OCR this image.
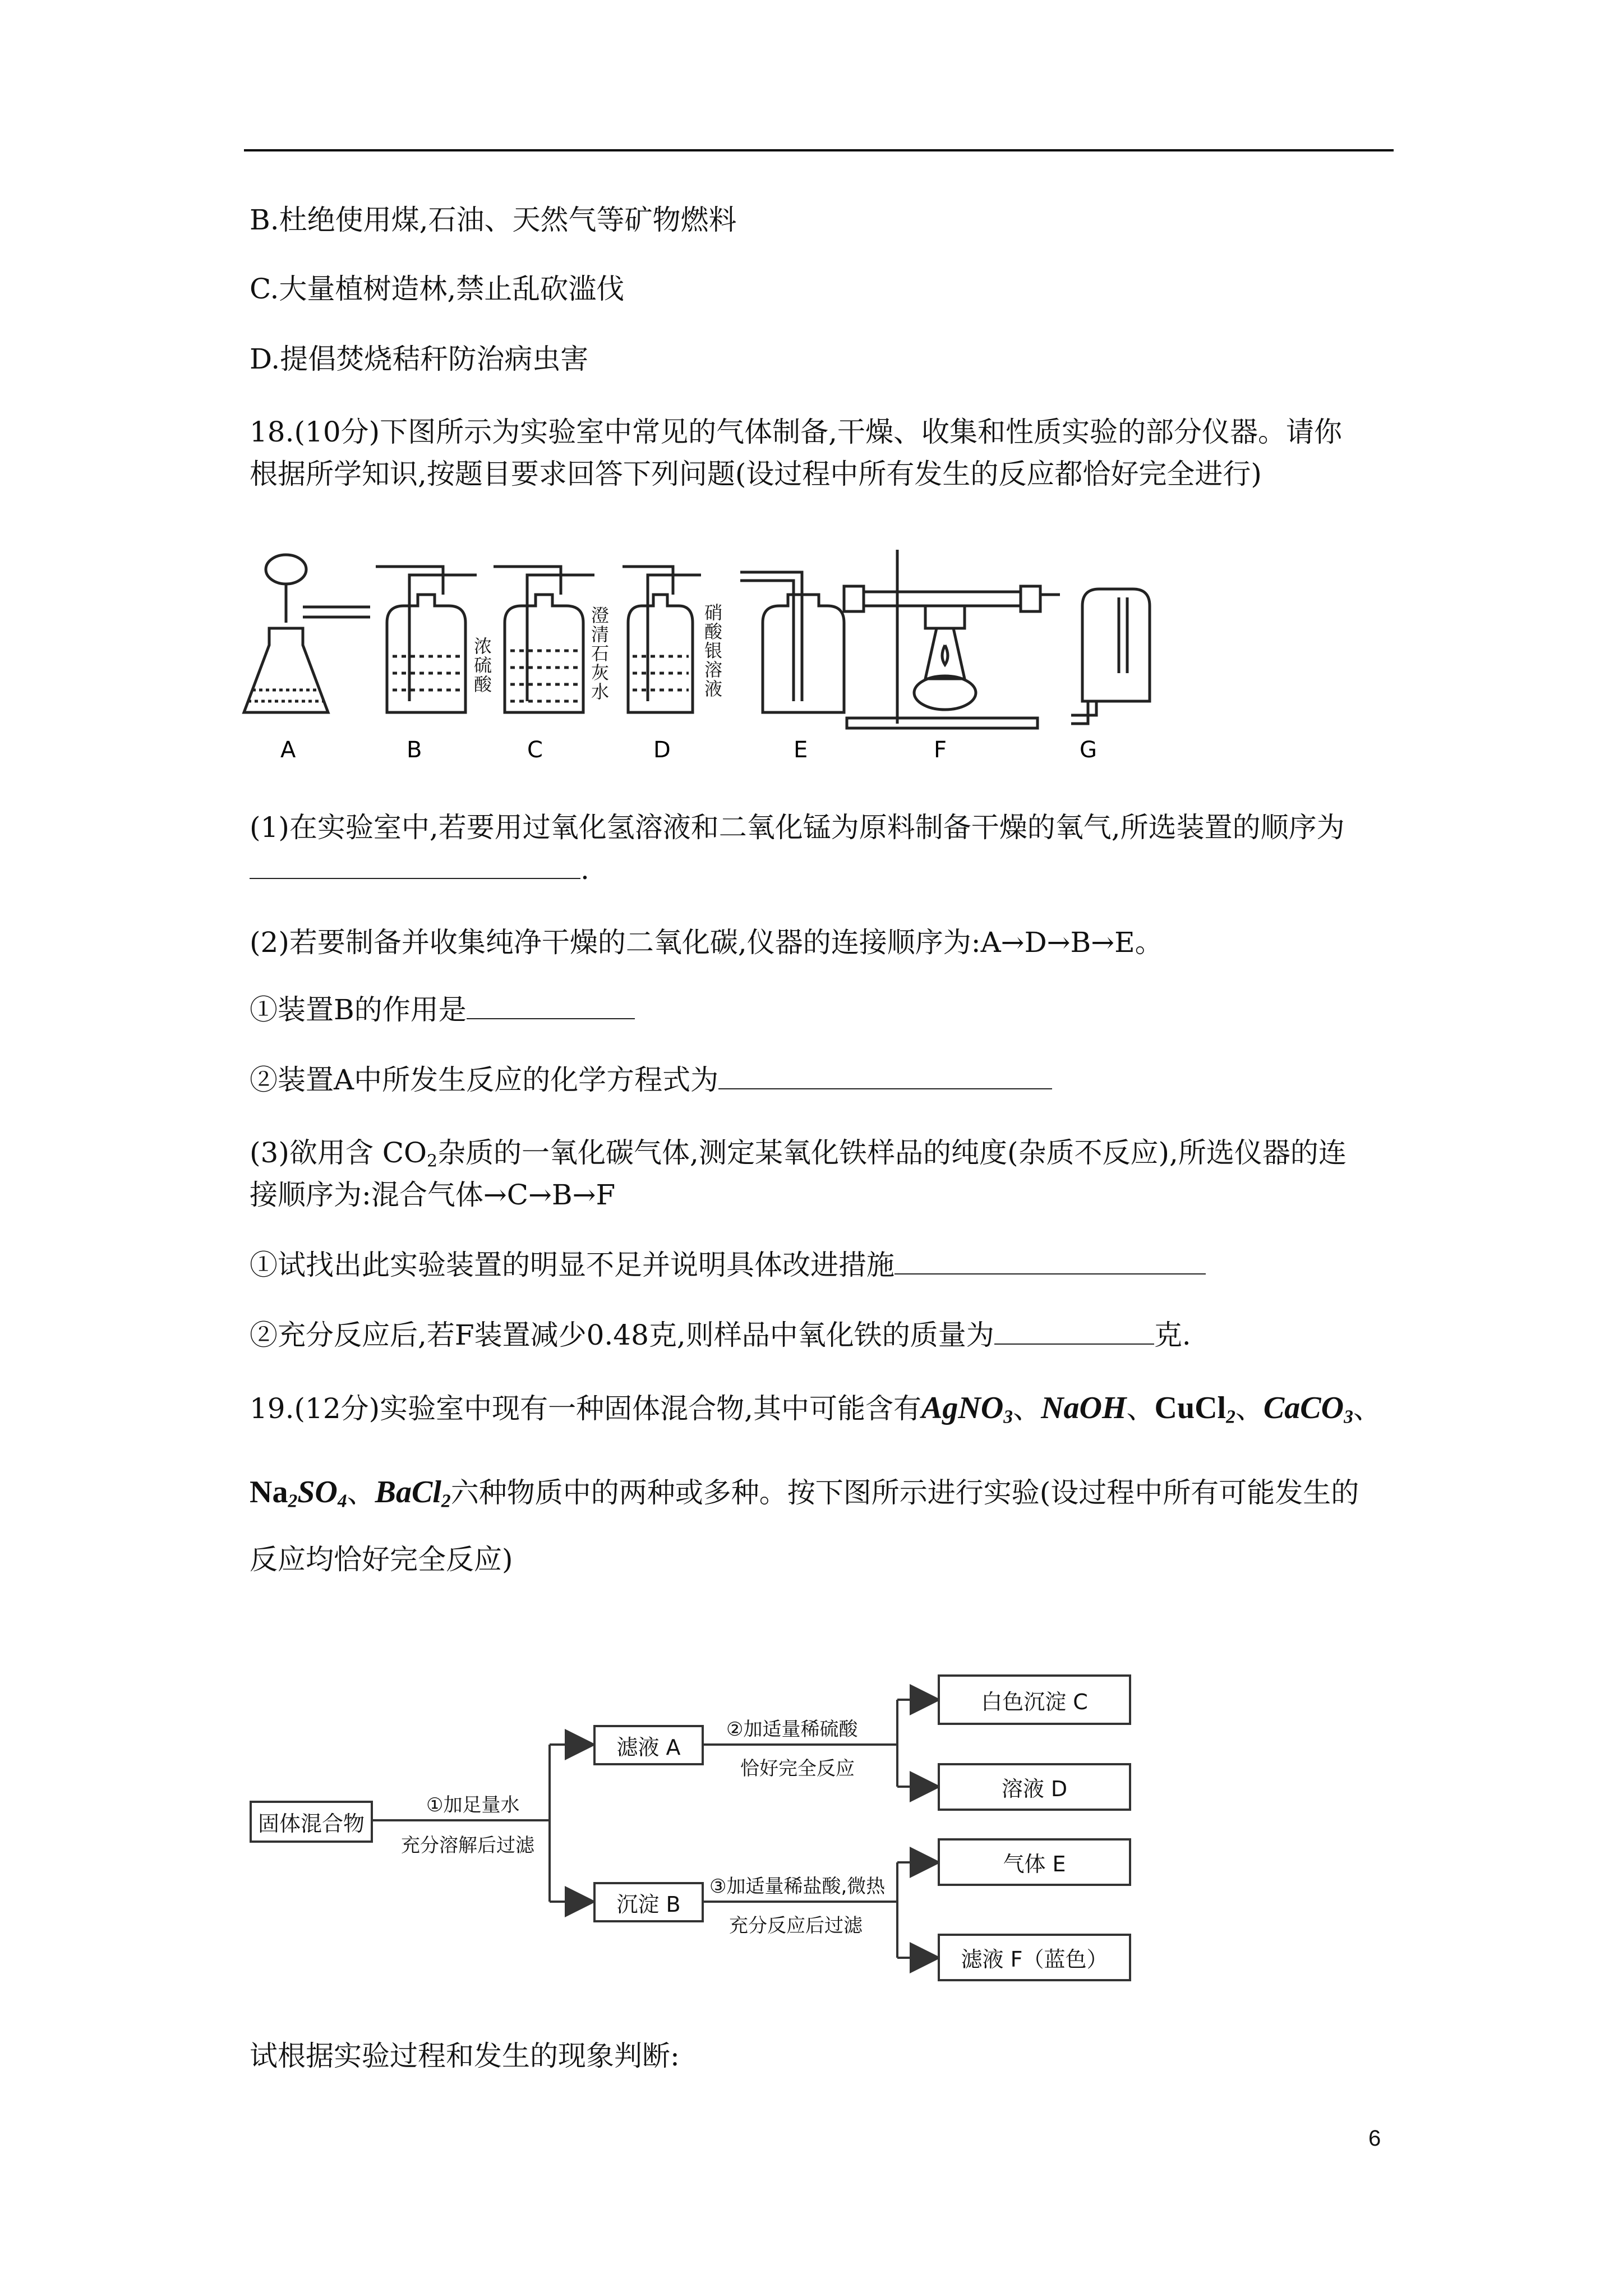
B.杜绝使用煤,石油、天然气等矿物燃料
C.大量植树造林,禁止乱砍滥伐
D.提倡焚烧秸秆防治病虫害
18.(10分)下图所示为实验室中常见的气体制备,干燥、收集和性质实验的部分仪器。请你
根据所学知识,按题目要求回答下列问题(设过程中所有发生的反应都恰好完全进行)
A	B	C	D	E	F	G
浓硫酸
澄清石灰水
硝酸银溶液
(1)在实验室中,若要用过氧化氢溶液和二氧化锰为原料制备干燥的氧气,所选装置的顺序为
.
(2)若要制备并收集纯净干燥的二氧化碳,仪器的连接顺序为:A→D→B→E。
①装置B的作用是
②装置A中所发生反应的化学方程式为
(3)欲用含 $CO_2$杂质的一氧化碳气体,测定某氧化铁样品的纯度(杂质不反应),所选仪器的连
接顺序为:混合气体→C→B→F
①试找出此实验装置的明显不足并说明具体改进措施
②充分反应后,若F装置减少0.48克,则样品中氧化铁的质量为	克.
19.(12分)实验室中现有一种固体混合物,其中可能含有AgNO$_3$、NaOH、CuCl$_2$、CaCO$_3$、
$Na_2SO_4$、BaCl$_2$六种物质中的两种或多种。按下图所示进行实验(设过程中所有可能发生的
反应均恰好完全反应)
固体混合物
①加足量水
充分溶解后过滤
滤液 A
沉淀 B
②加适量稀硫酸
恰好完全反应
③加适量稀盐酸,微热
充分反应后过滤
白色沉淀 C
溶液 D
气体 E
滤液 F（蓝色）
试根据实验过程和发生的现象判断:
6
